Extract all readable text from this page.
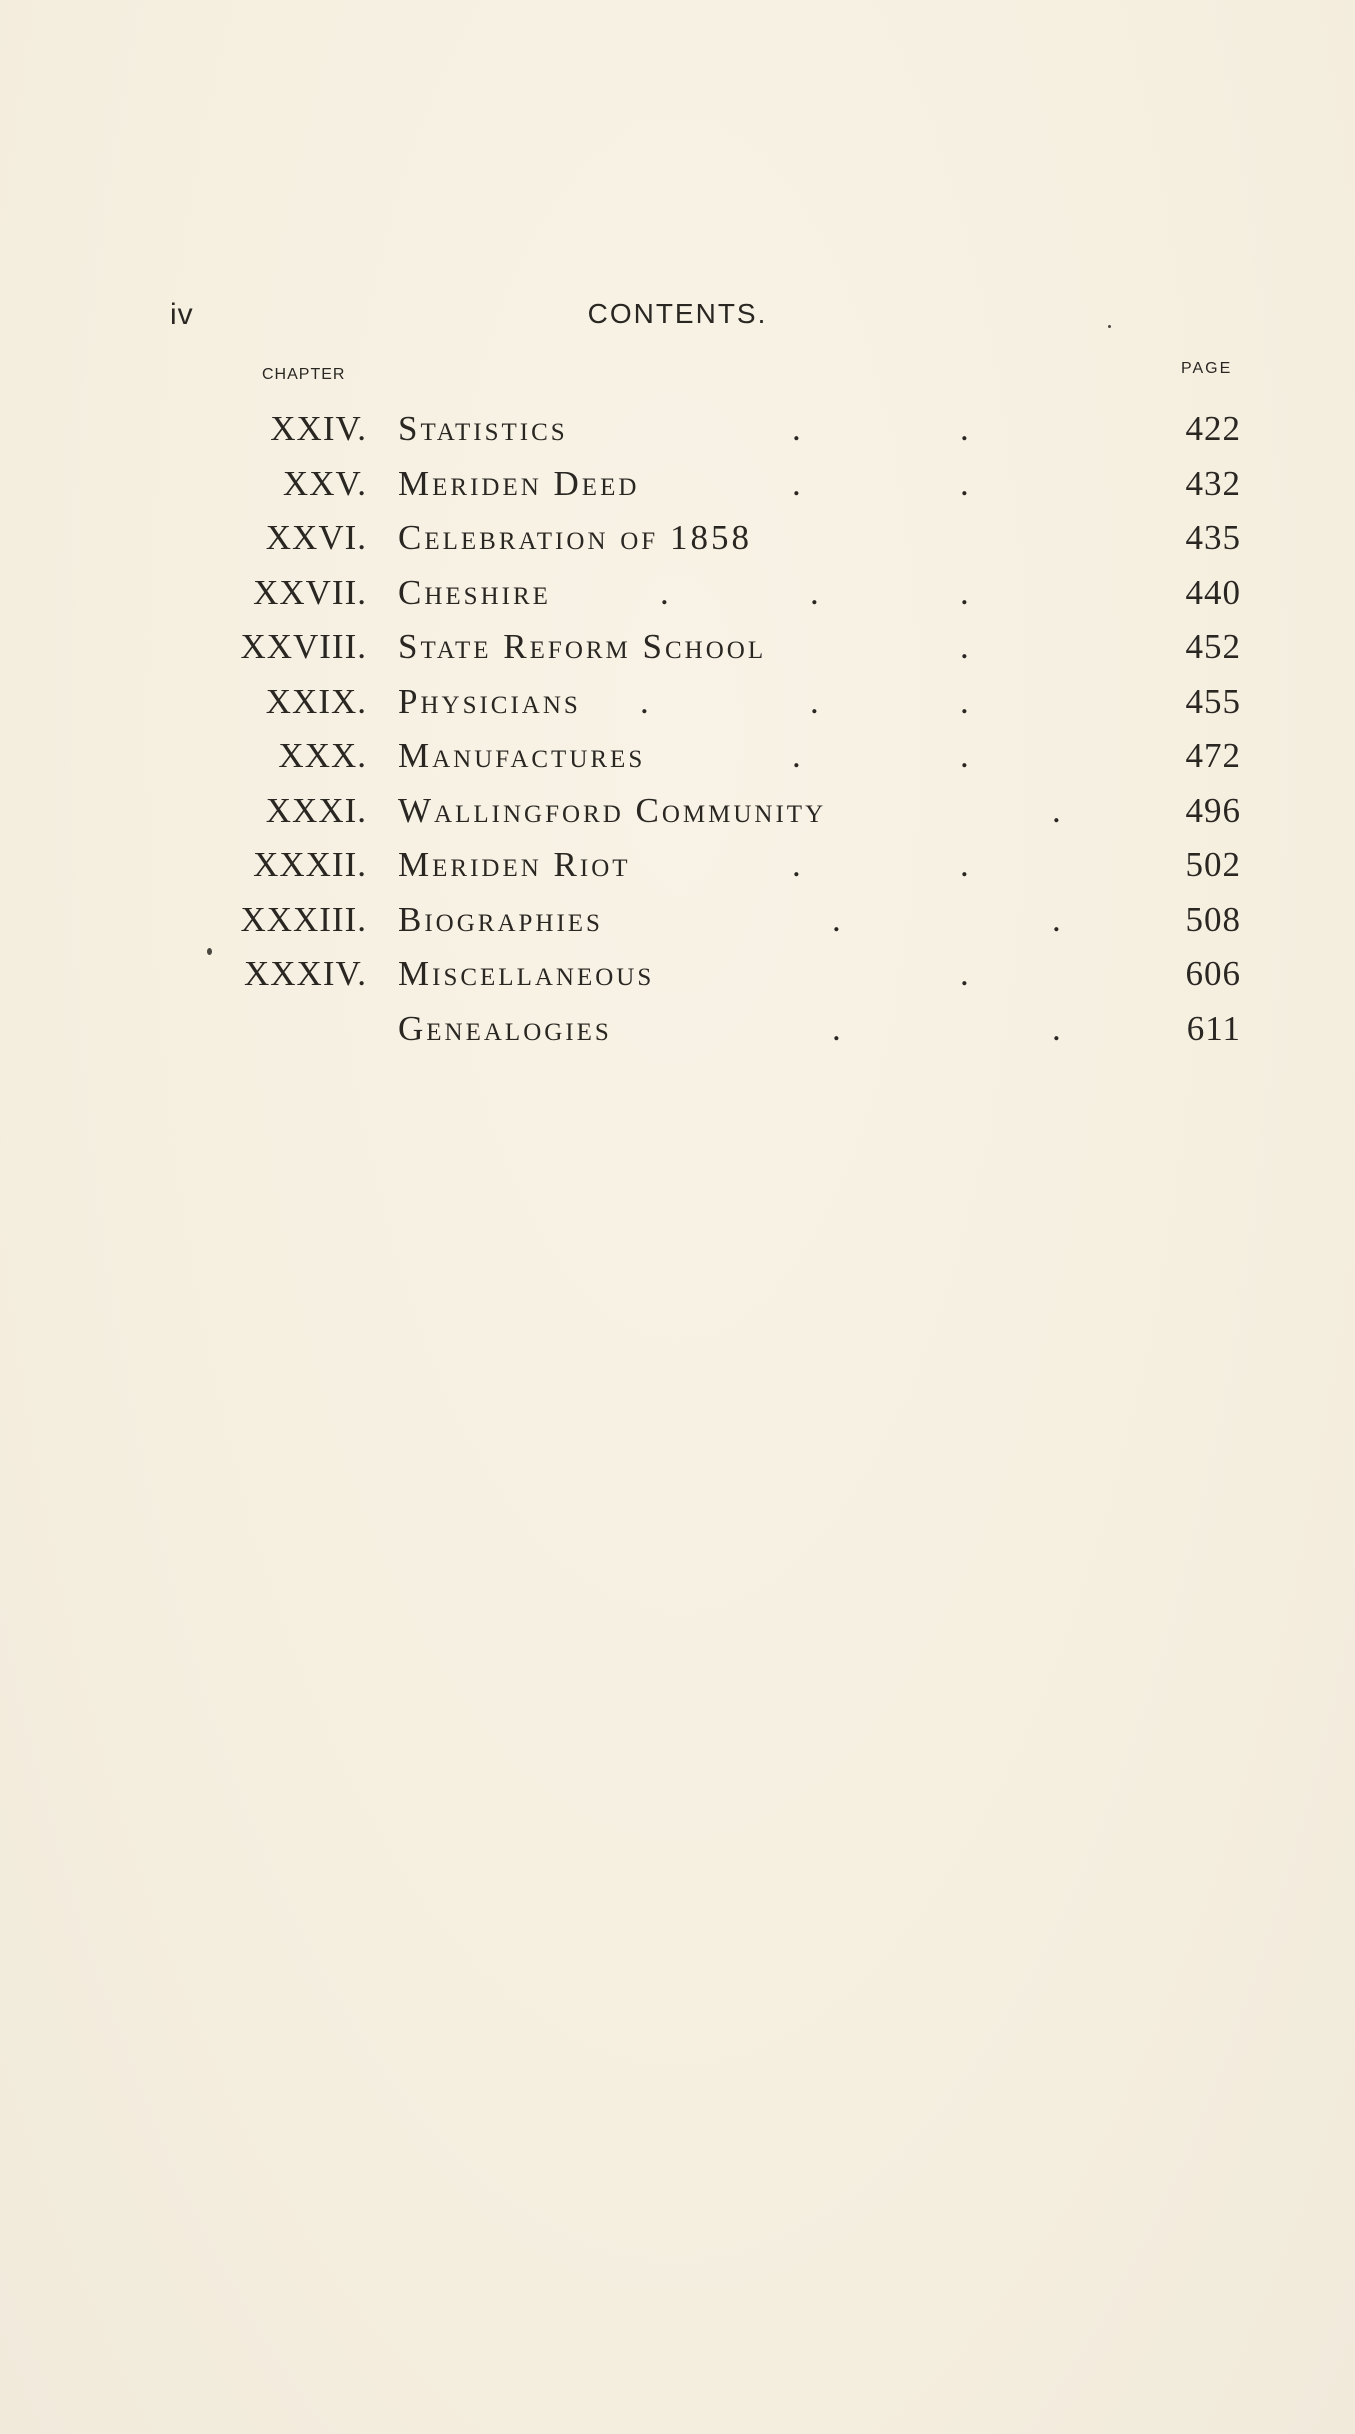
iv	CONTENTS.
CHAPTER	PAGE
XXIV. Statistics	.	.	422
XXV. Meriden Deed	.	.	432
XXVI. Celebration of 1858	435
XXVII. Cheshire	.	.	.	440
XXVIII. State Reform School	.	452
XXIX. Physicians .	.	.	455
XXX. Manufactures	.	.	472
XXXI. Wallingford Community	.	496
XXXII. Meriden Riot	.	.	502
XXXIII. Biographies	.	.	508
XXXIV. Miscellaneous	.	606
Genealogies	.	.	611
